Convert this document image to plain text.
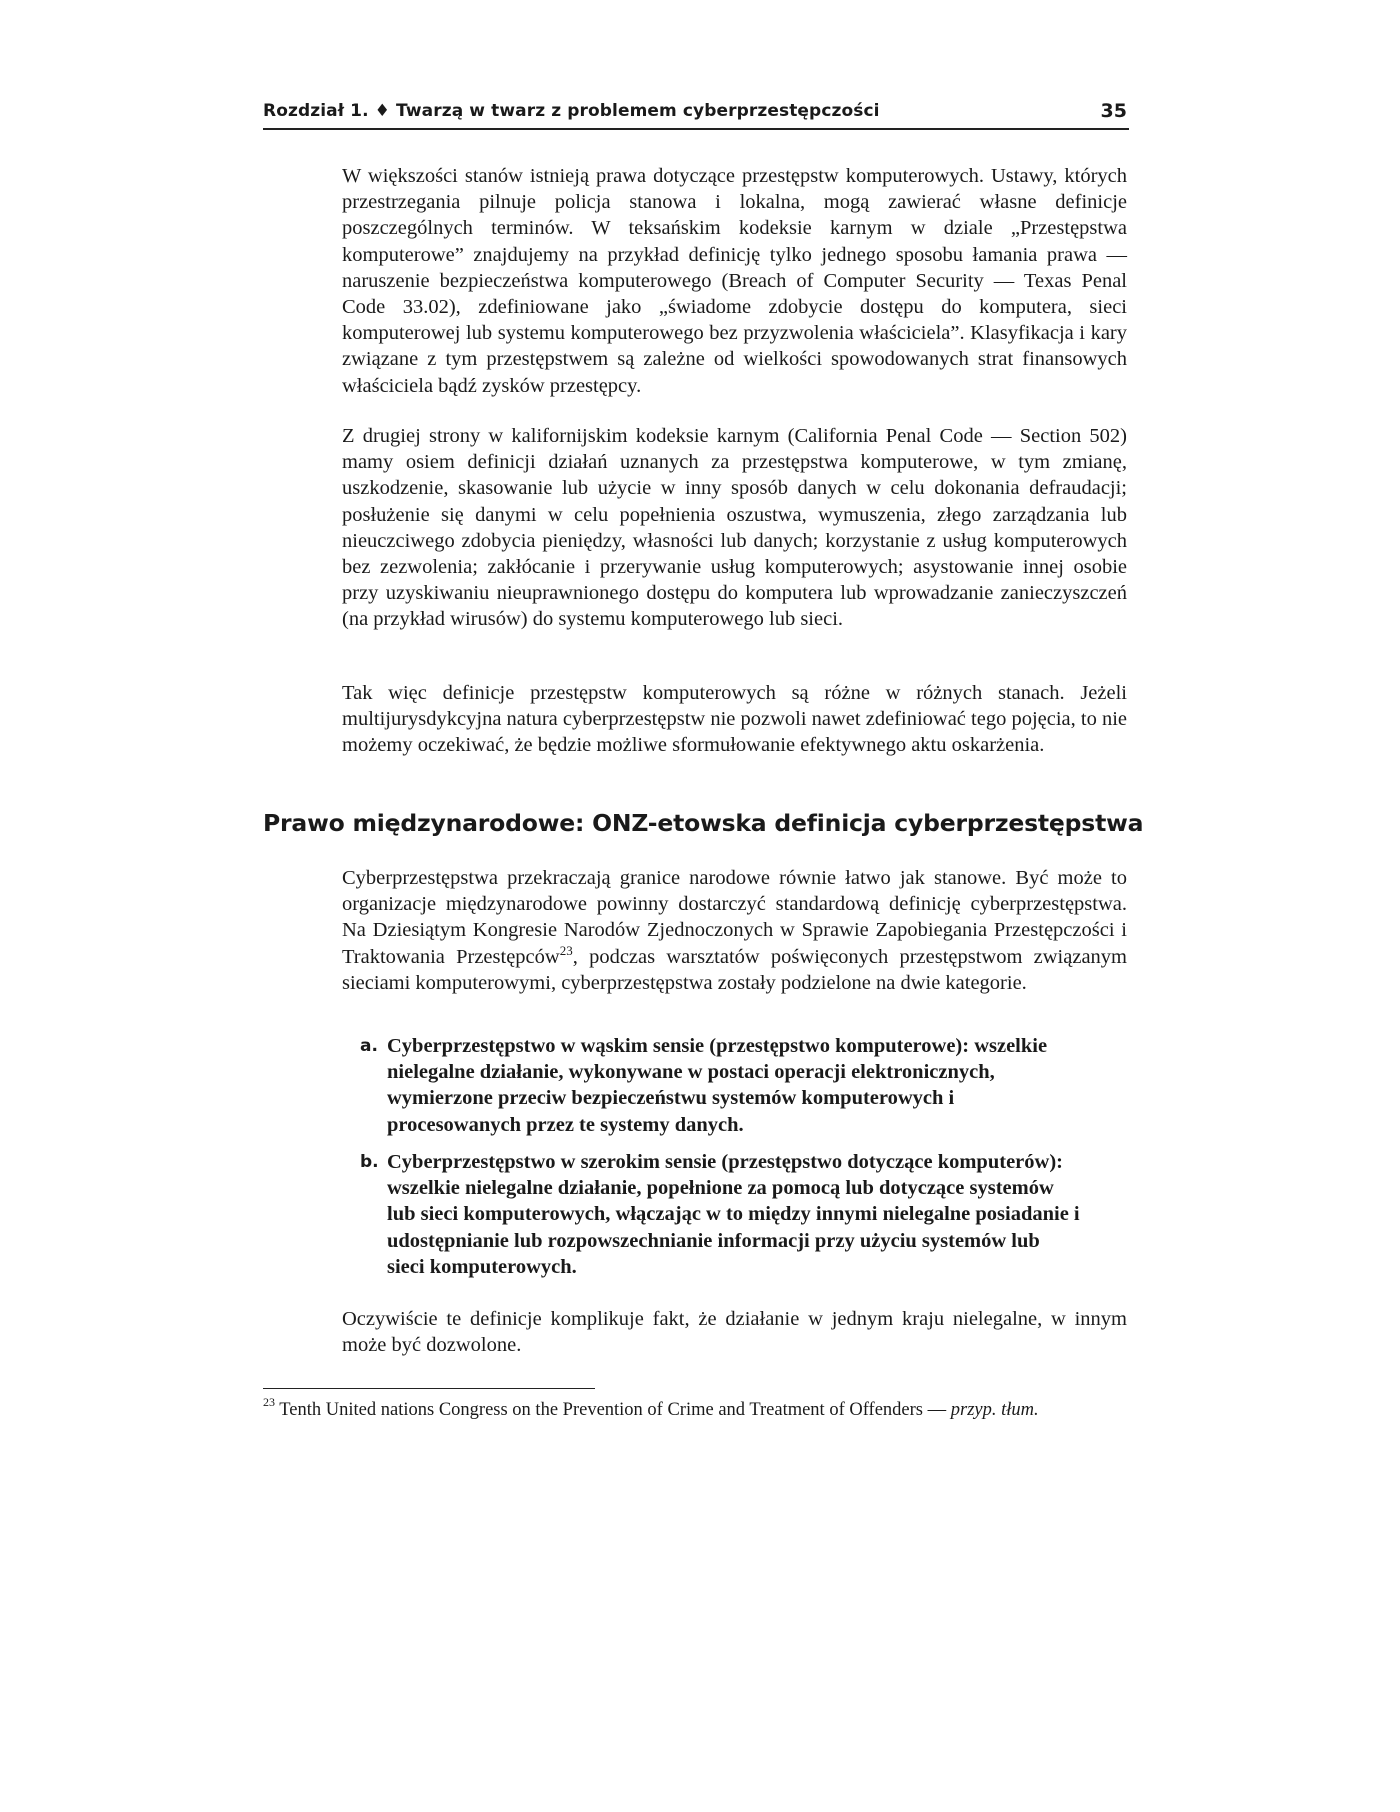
Rozdział 1. ♦ Twarzą w twarz z problemem cyberprzestępczości	35

W większości stanów istnieją prawa dotyczące przestępstw komputerowych. Ustawy, których przestrzegania pilnuje policja stanowa i lokalna, mogą zawierać własne definicje poszczególnych terminów. W teksańskim kodeksie karnym w dziale „Przestępstwa komputerowe” znajdujemy na przykład definicję tylko jednego sposobu łamania prawa — naruszenie bezpieczeństwa komputerowego (Breach of Computer Security — Texas Penal Code 33.02), zdefiniowane jako „świadome zdobycie dostępu do komputera, sieci komputerowej lub systemu komputerowego bez przyzwolenia właściciela”. Klasyfikacja i kary związane z tym przestępstwem są zależne od wielkości spowodowanych strat finansowych właściciela bądź zysków przestępcy.

Z drugiej strony w kalifornijskim kodeksie karnym (California Penal Code — Section 502) mamy osiem definicji działań uznanych za przestępstwa komputerowe, w tym zmianę, uszkodzenie, skasowanie lub użycie w inny sposób danych w celu dokonania defraudacji; posłużenie się danymi w celu popełnienia oszustwa, wymuszenia, złego zarządzania lub nieuczciwego zdobycia pieniędzy, własności lub danych; korzystanie z usług komputerowych bez zezwolenia; zakłócanie i przerywanie usług komputerowych; asystowanie innej osobie przy uzyskiwaniu nieuprawnionego dostępu do komputera lub wprowadzanie zanieczyszczeń (na przykład wirusów) do systemu komputerowego lub sieci.

Tak więc definicje przestępstw komputerowych są różne w różnych stanach. Jeżeli multijurysdykcyjna natura cyberprzestępstw nie pozwoli nawet zdefiniować tego pojęcia, to nie możemy oczekiwać, że będzie możliwe sformułowanie efektywnego aktu oskarżenia.

Prawo międzynarodowe: ONZ-etowska definicja cyberprzestępstwa

Cyberprzestępstwa przekraczają granice narodowe równie łatwo jak stanowe. Być może to organizacje międzynarodowe powinny dostarczyć standardową definicję cyberprzestępstwa. Na Dziesiątym Kongresie Narodów Zjednoczonych w Sprawie Zapobiegania Przestępczości i Traktowania Przestępców$^{23}$, podczas warsztatów poświęconych przestępstwom związanym sieciami komputerowymi, cyberprzestępstwa zostały podzielone na dwie kategorie.

a. Cyberprzestępstwo w wąskim sensie (przestępstwo komputerowe): wszelkie nielegalne działanie, wykonywane w postaci operacji elektronicznych, wymierzone przeciw bezpieczeństwu systemów komputerowych i procesowanych przez te systemy danych.
b. Cyberprzestępstwo w szerokim sensie (przestępstwo dotyczące komputerów): wszelkie nielegalne działanie, popełnione za pomocą lub dotyczące systemów lub sieci komputerowych, włączając w to między innymi nielegalne posiadanie i udostępnianie lub rozpowszechnianie informacji przy użyciu systemów lub sieci komputerowych.

Oczywiście te definicje komplikuje fakt, że działanie w jednym kraju nielegalne, w innym może być dozwolone.

$^{23}$ Tenth United nations Congress on the Prevention of Crime and Treatment of Offenders — przyp. tłum.
